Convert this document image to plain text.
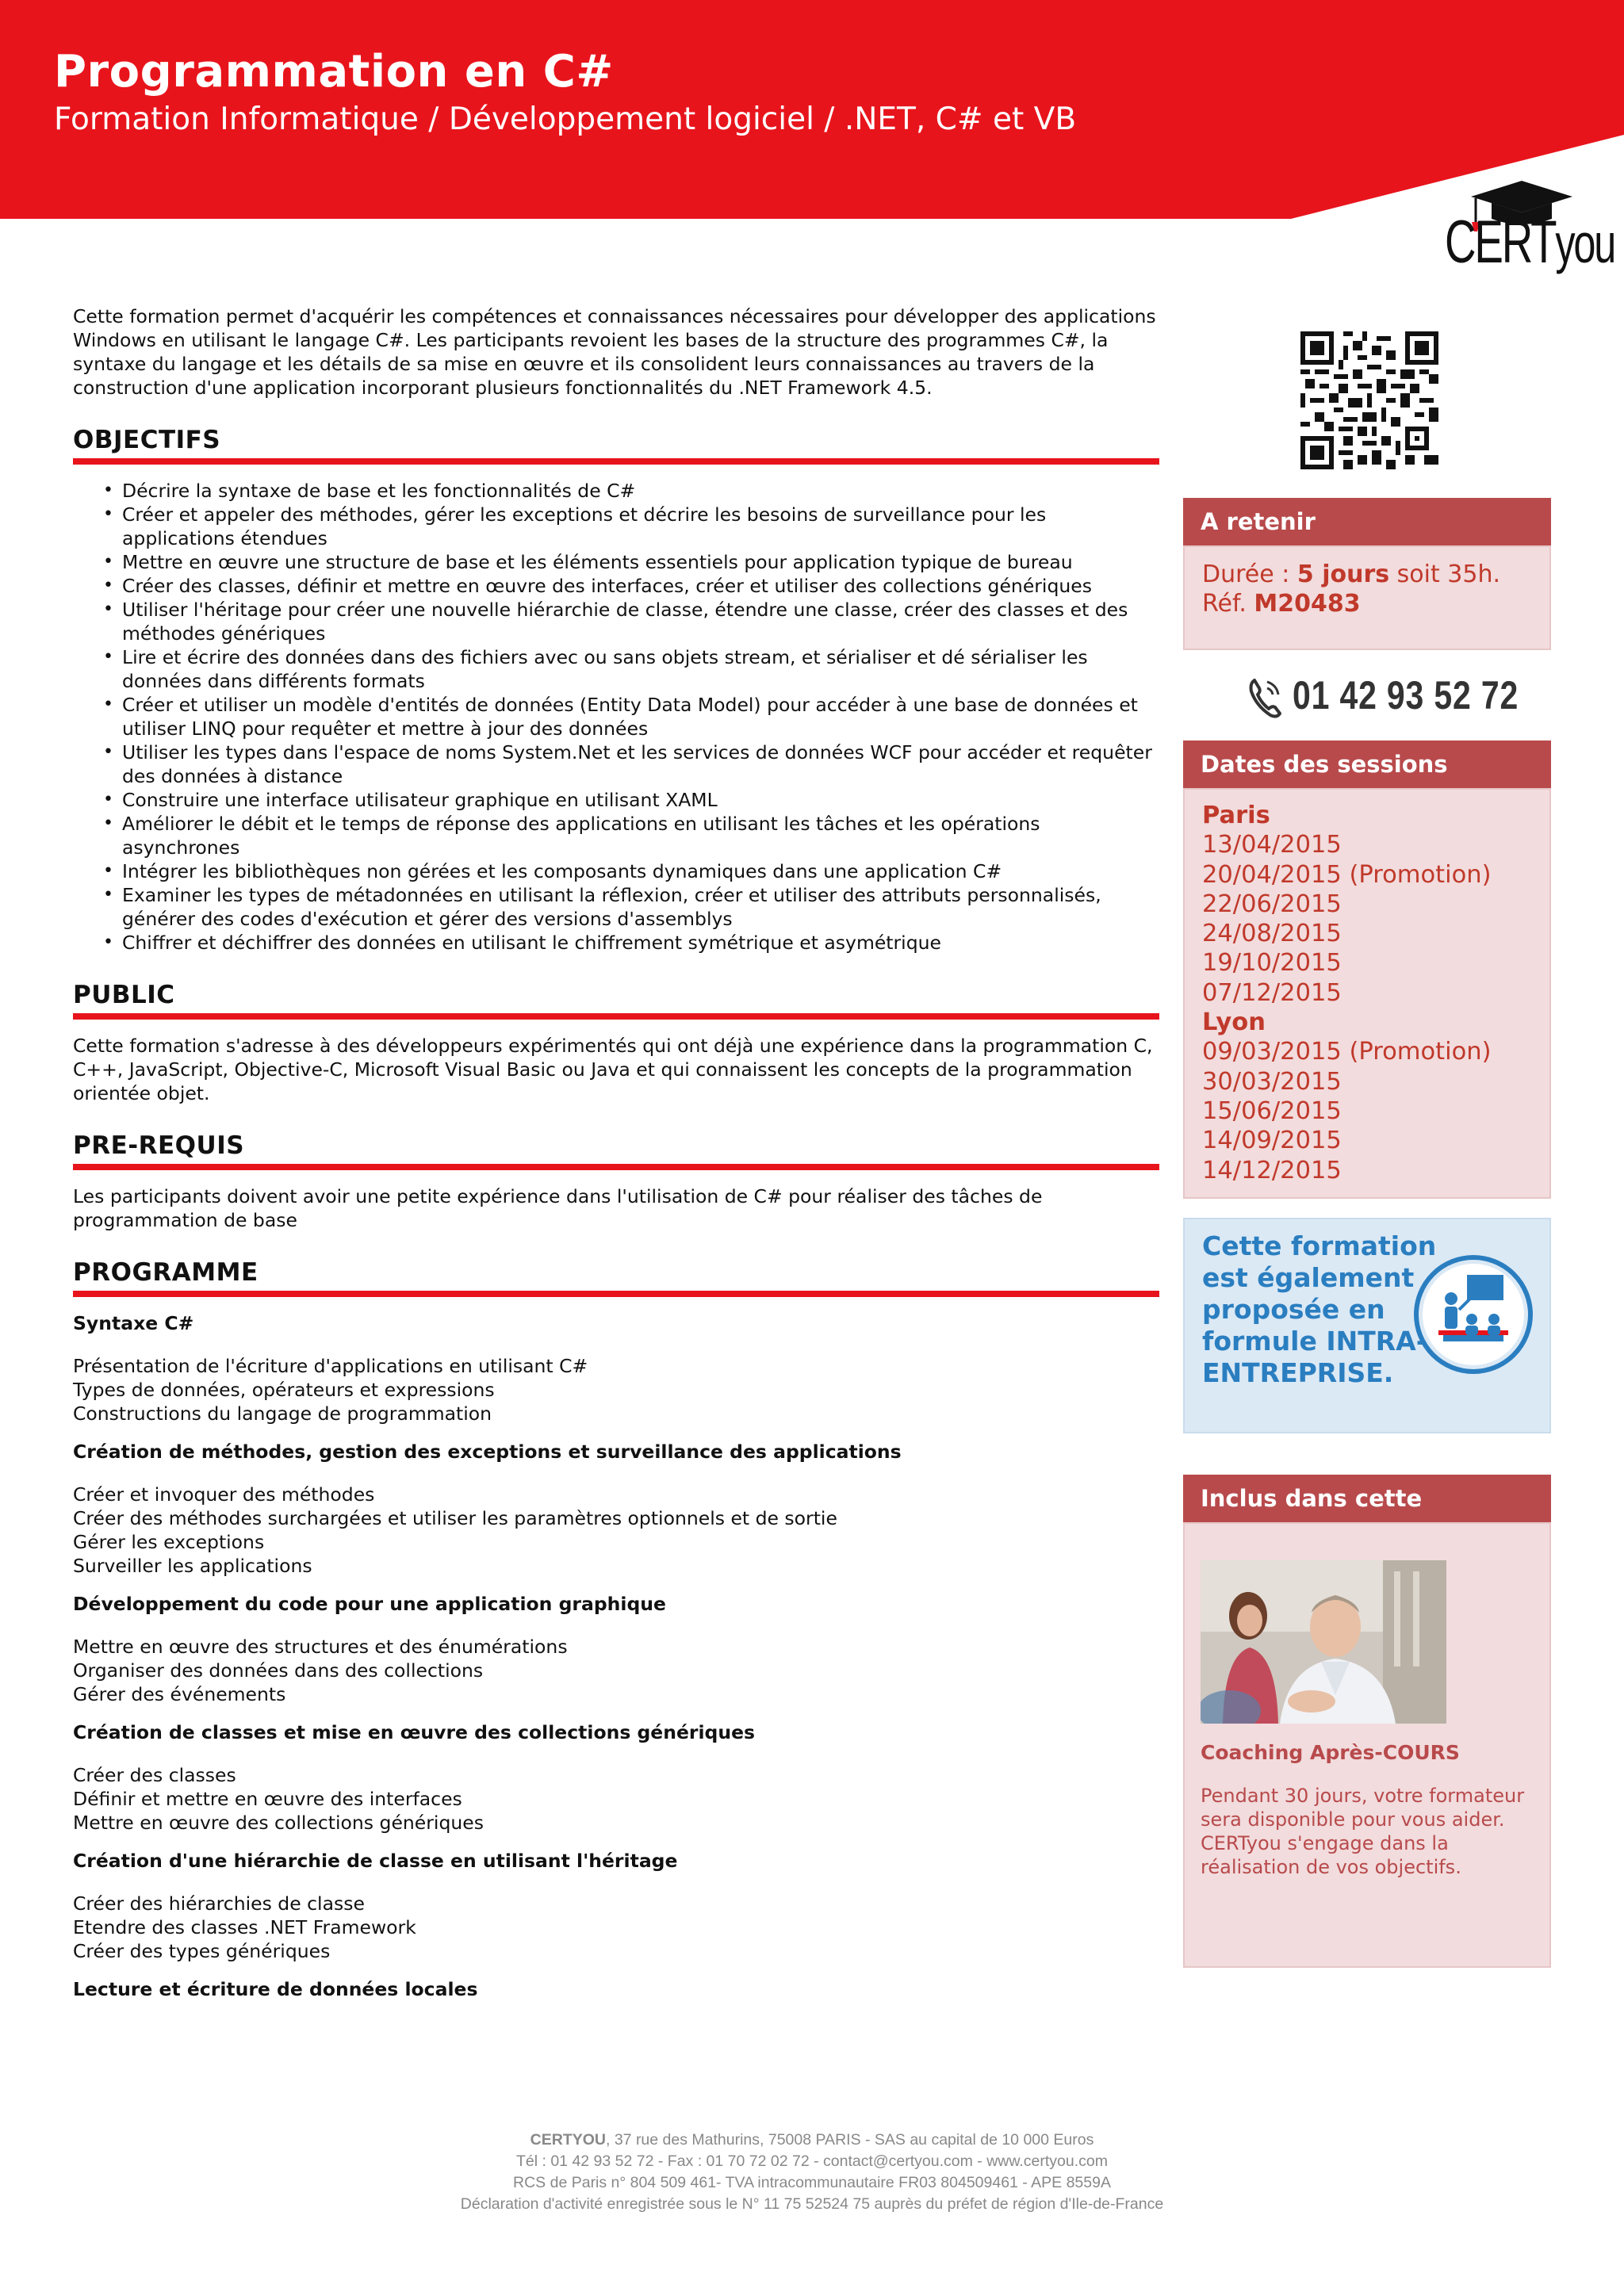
Programmation en C#
Formation Informatique / Développement logiciel / .NET, C# et VB
CERTyou
Cette formation permet d'acquérir les compétences et connaissances nécessaires pour développer des applications Windows en utilisant le langage C#. Les participants revoient les bases de la structure des programmes C#, la syntaxe du langage et les détails de sa mise en œuvre et ils consolident leurs connaissances au travers de la construction d'une application incorporant plusieurs fonctionnalités du .NET Framework 4.5.
OBJECTIFS
• Décrire la syntaxe de base et les fonctionnalités de C#
• Créer et appeler des méthodes, gérer les exceptions et décrire les besoins de surveillance pour les applications étendues
• Mettre en œuvre une structure de base et les éléments essentiels pour application typique de bureau
• Créer des classes, définir et mettre en œuvre des interfaces, créer et utiliser des collections génériques
• Utiliser l'héritage pour créer une nouvelle hiérarchie de classe, étendre une classe, créer des classes et des méthodes génériques
• Lire et écrire des données dans des fichiers avec ou sans objets stream, et sérialiser et dé sérialiser les données dans différents formats
• Créer et utiliser un modèle d'entités de données (Entity Data Model) pour accéder à une base de données et utiliser LINQ pour requêter et mettre à jour des données
• Utiliser les types dans l'espace de noms System.Net et les services de données WCF pour accéder et requêter des données à distance
• Construire une interface utilisateur graphique en utilisant XAML
• Améliorer le débit et le temps de réponse des applications en utilisant les tâches et les opérations asynchrones
• Intégrer les bibliothèques non gérées et les composants dynamiques dans une application C#
• Examiner les types de métadonnées en utilisant la réflexion, créer et utiliser des attributs personnalisés, générer des codes d'exécution et gérer des versions d'assemblys
• Chiffrer et déchiffrer des données en utilisant le chiffrement symétrique et asymétrique
PUBLIC
Cette formation s'adresse à des développeurs expérimentés qui ont déjà une expérience dans la programmation C, C++, JavaScript, Objective-C, Microsoft Visual Basic ou Java et qui connaissent les concepts de la programmation orientée objet.
PRE-REQUIS
Les participants doivent avoir une petite expérience dans l'utilisation de C# pour réaliser des tâches de programmation de base
PROGRAMME
Syntaxe C#
Présentation de l'écriture d'applications en utilisant C#
Types de données, opérateurs et expressions
Constructions du langage de programmation
Création de méthodes, gestion des exceptions et surveillance des applications
Créer et invoquer des méthodes
Créer des méthodes surchargées et utiliser les paramètres optionnels et de sortie
Gérer les exceptions
Surveiller les applications
Développement du code pour une application graphique
Mettre en œuvre des structures et des énumérations
Organiser des données dans des collections
Gérer des événements
Création de classes et mise en œuvre des collections génériques
Créer des classes
Définir et mettre en œuvre des interfaces
Mettre en œuvre des collections génériques
Création d'une hiérarchie de classe en utilisant l'héritage
Créer des hiérarchies de classe
Etendre des classes .NET Framework
Créer des types génériques
Lecture et écriture de données locales
A retenir
Durée : 5 jours soit 35h.
Réf. M20483
01 42 93 52 72
Dates des sessions
Paris
13/04/2015
20/04/2015 (Promotion)
22/06/2015
24/08/2015
19/10/2015
07/12/2015
Lyon
09/03/2015 (Promotion)
30/03/2015
15/06/2015
14/09/2015
14/12/2015
Cette formation est également proposée en formule INTRA-ENTREPRISE.
Inclus dans cette
Coaching Après-COURS
Pendant 30 jours, votre formateur sera disponible pour vous aider. CERTyou s'engage dans la réalisation de vos objectifs.
CERTYOU, 37 rue des Mathurins, 75008 PARIS - SAS au capital de 10 000 Euros
Tél : 01 42 93 52 72 - Fax : 01 70 72 02 72 - contact@certyou.com - www.certyou.com
RCS de Paris n° 804 509 461- TVA intracommunautaire FR03 804509461 - APE 8559A
Déclaration d'activité enregistrée sous le N° 11 75 52524 75 auprès du préfet de région d'Ile-de-France
